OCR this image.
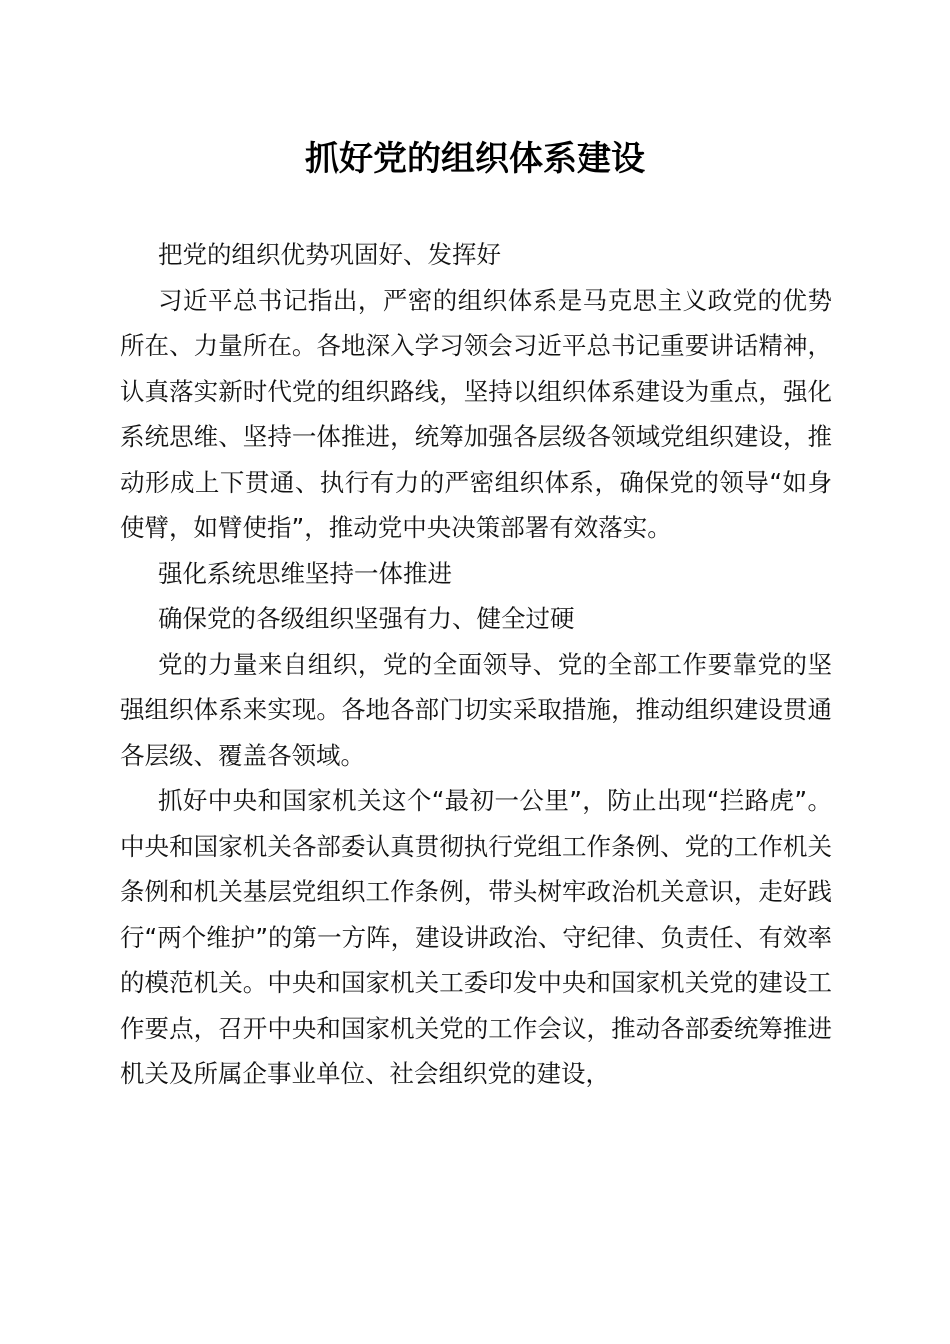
抓好党的组织体系建设

把党的组织优势巩固好、发挥好

习近平总书记指出，严密的组织体系是马克思主义政党的优势所在、力量所在。各地深入学习领会习近平总书记重要讲话精神，认真落实新时代党的组织路线，坚持以组织体系建设为重点，强化系统思维、坚持一体推进，统筹加强各层级各领域党组织建设，推动形成上下贯通、执行有力的严密组织体系，确保党的领导“如身使臂，如臂使指”，推动党中央决策部署有效落实。

强化系统思维坚持一体推进

确保党的各级组织坚强有力、健全过硬

党的力量来自组织，党的全面领导、党的全部工作要靠党的坚强组织体系来实现。各地各部门切实采取措施，推动组织建设贯通各层级、覆盖各领域。

抓好中央和国家机关这个“最初一公里”，防止出现“拦路虎”。中央和国家机关各部委认真贯彻执行党组工作条例、党的工作机关条例和机关基层党组织工作条例，带头树牢政治机关意识，走好践行“两个维护”的第一方阵，建设讲政治、守纪律、负责任、有效率的模范机关。中央和国家机关工委印发中央和国家机关党的建设工作要点，召开中央和国家机关党的工作会议，推动各部委统筹推进机关及所属企事业单位、社会组织党的建设，
